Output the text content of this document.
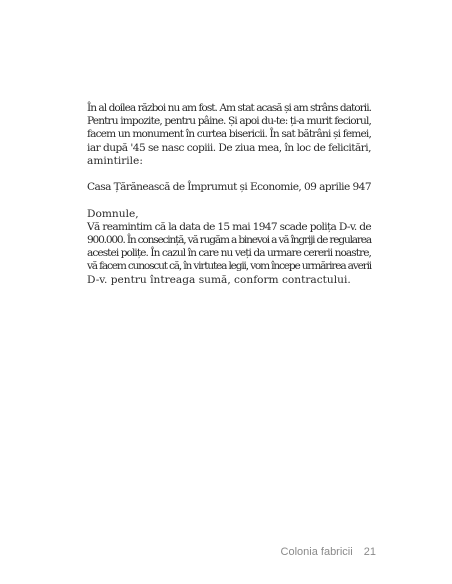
În al doilea război nu am fost. Am stat acasă și am strâns datorii.
Pentru impozite, pentru pâine. Și apoi du-te: ți-a murit feciorul,
facem un monument în curtea bisericii. În sat bătrâni și femei,
iar după '45 se nasc copiii. De ziua mea, în loc de felicitări,
amintirile:

Casa Țărănească de Împrumut și Economie, 09 aprilie 947

Domnule,

Vă reamintim că la data de 15 mai 1947 scade polița D-v. de
900.000. În consecință, vă rugăm a binevoi a vă îngriji de regularea
acestei polițe. În cazul în care nu veți da urmare cererii noastre,
vă facem cunoscut că, în virtutea legii, vom începe urmărirea averii
D-v. pentru întreaga sumă, conform contractului.

Colonia fabricii 21
